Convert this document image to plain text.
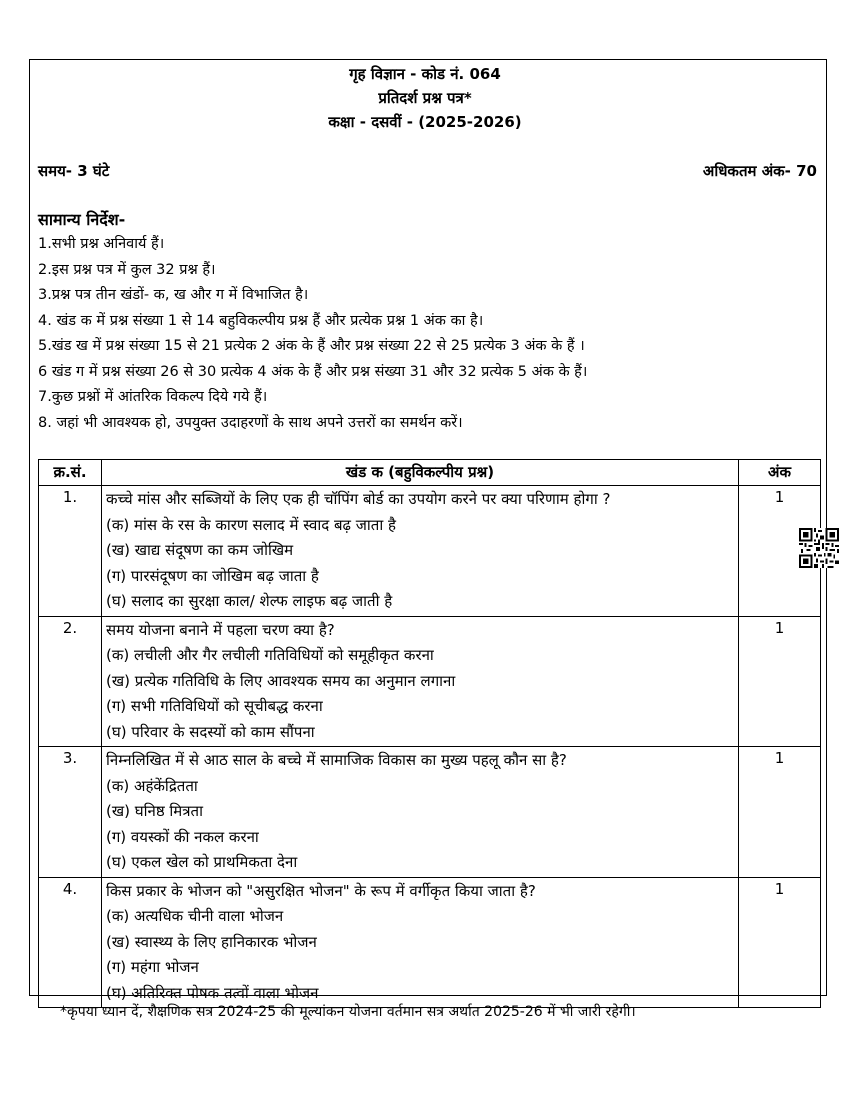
गृह विज्ञान - कोड नं. 064
प्रतिदर्श प्रश्न पत्र*
कक्षा - दसवीं - (2025-2026)
समय- 3 घंटे	अधिकतम अंक- 70
सामान्य निर्देश-
1.सभी प्रश्न अनिवार्य हैं।
2.इस प्रश्न पत्र में कुल 32 प्रश्न हैं।
3.प्रश्न पत्र तीन खंडों- क, ख और ग में विभाजित है।
4. खंड क में प्रश्न संख्या 1 से 14 बहुविकल्पीय प्रश्न हैं और प्रत्येक प्रश्न 1 अंक का है।
5.खंड ख में प्रश्न संख्या 15 से 21 प्रत्येक 2 अंक के हैं और प्रश्न संख्या 22 से 25 प्रत्येक 3 अंक के हैं ।
6 खंड ग में प्रश्न संख्या 26 से 30 प्रत्येक 4 अंक के हैं और प्रश्न संख्या 31 और 32 प्रत्येक 5 अंक के हैं।
7.कुछ प्रश्नों में आंतरिक विकल्प दिये गये हैं।
8. जहां भी आवश्यक हो, उपयुक्त उदाहरणों के साथ अपने उत्तरों का समर्थन करें।
क्र.सं.	खंड क (बहुविकल्पीय प्रश्न)	अंक
1.	कच्चे मांस और सब्जियों के लिए एक ही चॉपिंग बोर्ड का उपयोग करने पर क्या परिणाम होगा ?
(क) मांस के रस के कारण सलाद में स्वाद बढ़ जाता है
(ख) खाद्य संदूषण का कम जोखिम
(ग) पारसंदूषण का जोखिम बढ़ जाता है
(घ) सलाद का सुरक्षा काल/ शेल्फ लाइफ बढ़ जाती है	1
2.	समय योजना बनाने में पहला चरण क्या है?
(क) लचीली और गैर लचीली गतिविधियों को समूहीकृत करना
(ख) प्रत्येक गतिविधि के लिए आवश्यक समय का अनुमान लगाना
(ग) सभी गतिविधियों को सूचीबद्ध करना
(घ) परिवार के सदस्यों को काम सौंपना	1
3.	निम्नलिखित में से आठ साल के बच्चे में सामाजिक विकास का मुख्य पहलू कौन सा है?
(क) अहंकेंद्रितता
(ख) घनिष्ठ मित्रता
(ग) वयस्कों की नकल करना
(घ) एकल खेल को प्राथमिकता देना	1
4.	किस प्रकार के भोजन को "असुरक्षित भोजन" के रूप में वर्गीकृत किया जाता है?
(क) अत्यधिक चीनी वाला भोजन
(ख) स्वास्थ्य के लिए हानिकारक भोजन
(ग) महंगा भोजन
(घ) अतिरिक्त पोषक तत्वों वाला भोजन	1
*कृपया ध्यान दें, शैक्षणिक सत्र 2024-25 की मूल्यांकन योजना वर्तमान सत्र अर्थात 2025-26 में भी जारी रहेगी।
